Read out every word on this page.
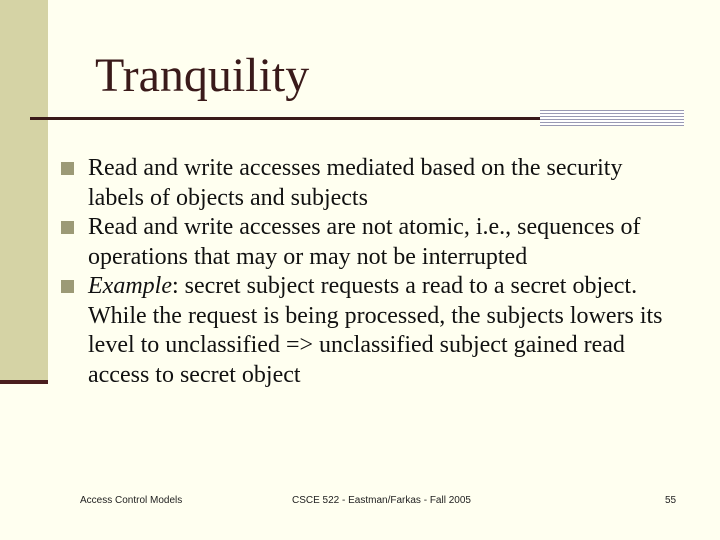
Tranquility
Read and write accesses mediated based on the security labels of objects and subjects
Read and write accesses are not atomic, i.e., sequences of operations that may or may not be interrupted
Example: secret subject requests a read to a secret object. While the request is being processed, the subjects lowers its level to unclassified => unclassified subject gained read access to secret object
Access Control Models	CSCE 522 - Eastman/Farkas - Fall 2005	55
